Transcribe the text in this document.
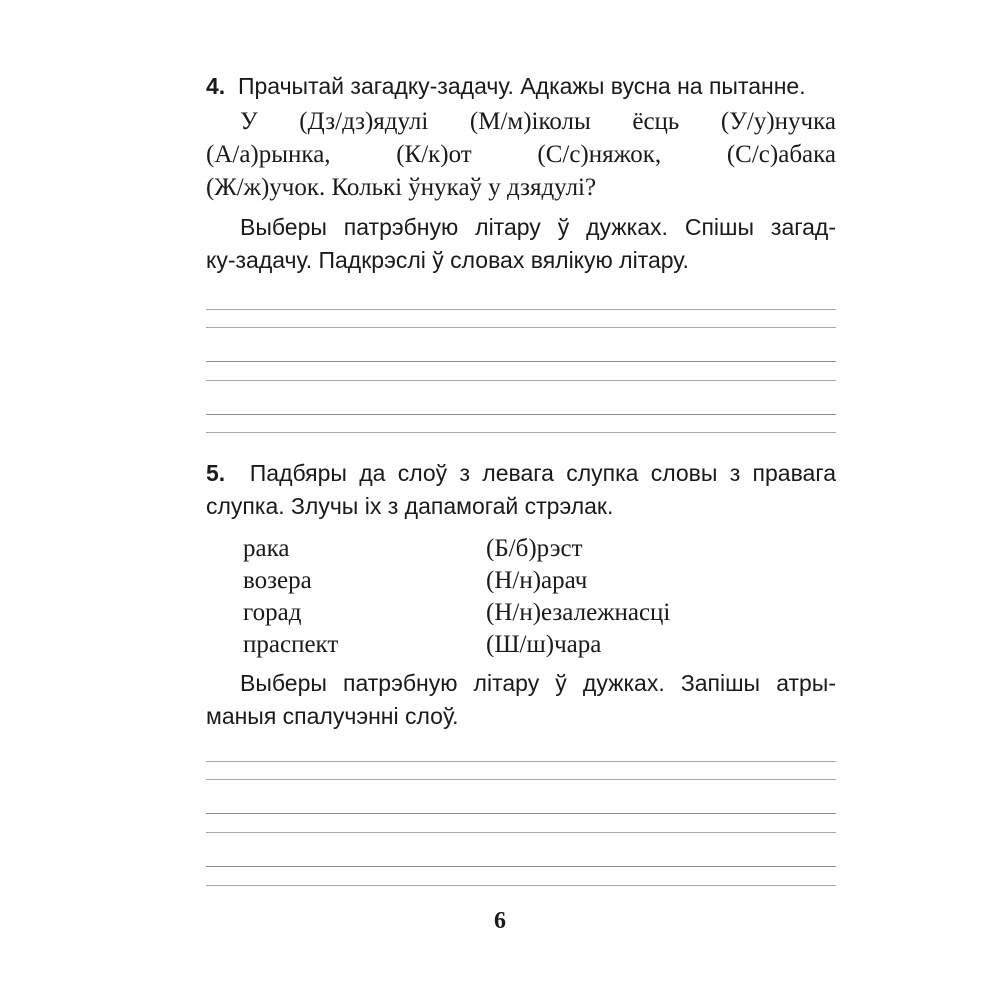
4. Прачытай загадку-задачу. Адкажы вусна на пытанне.
У (Дз/дз)ядулі (М/м)іколы ёсць (У/у)нучка
(А/а)рынка, (К/к)от (С/с)няжок, (С/с)абака
(Ж/ж)учок. Колькі ўнукаў у дзядулі?
Выберы патрэбную літару ў дужках. Спішы загад-
ку-задачу. Падкрэслі ў словах вялікую літару.
5. Падбяры да слоў з левага слупка словы з правага
слупка. Злучы іх з дапамогай стрэлак.
рака	(Б/б)рэст
возера	(Н/н)арач
горад	(Н/н)езалежнасці
праспект	(Ш/ш)чара
Выберы патрэбную літару ў дужках. Запішы атры-
маныя спалучэнні слоў.
6
